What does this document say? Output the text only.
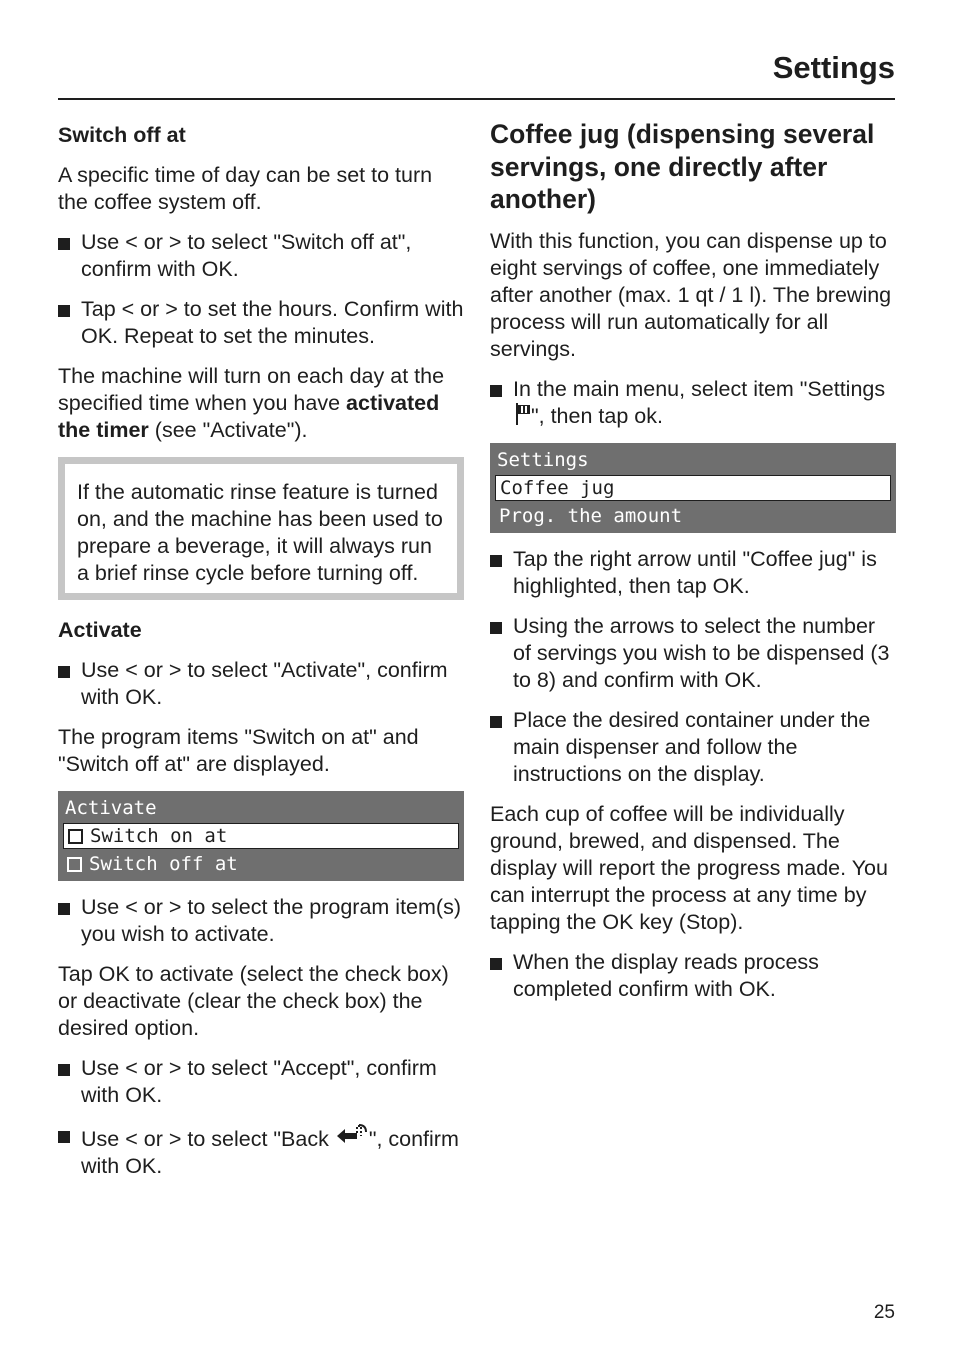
Settings
Switch off at

A specific time of day can be set to turn the coffee system off.

Use < or > to select "Switch off at", confirm with OK.
Tap < or > to set the hours. Confirm with OK. Repeat to set the minutes.

The machine will turn on each day at the specified time when you have activated the timer (see "Activate").

If the automatic rinse feature is turned on, and the machine has been used to prepare a beverage, it will always run a brief rinse cycle before turning off.

Activate
Use < or > to select "Activate", confirm with OK.

The program items "Switch on at" and "Switch off at" are displayed.

Activate
Switch on at
Switch off at
Use < or > to select the program item(s) you wish to activate.

Tap OK to activate (select the check box) or deactivate (clear the check box) the desired option.

Use < or > to select "Accept", confirm with OK.
Use < or > to select "Back ", confirm with OK.
Coffee jug (dispensing several servings, one directly after another)

With this function, you can dispense up to eight servings of coffee, one immediately after another (max. 1 qt / 1 l). The brewing process will run automatically for all servings.

In the main menu, select item "Settings
", then tap ok.
Settings
Coffee jug
Prog. the amount
Tap the right arrow until "Coffee jug" is highlighted, then tap OK.
Using the arrows to select the number of servings you wish to be dispensed (3 to 8) and confirm with OK.
Place the desired container under the main dispenser and follow the instructions on the display.

Each cup of coffee will be individually ground, brewed, and dispensed. The display will report the progress made. You can interrupt the process at any time by tapping the OK key (Stop).

When the display reads process completed confirm with OK.
25
